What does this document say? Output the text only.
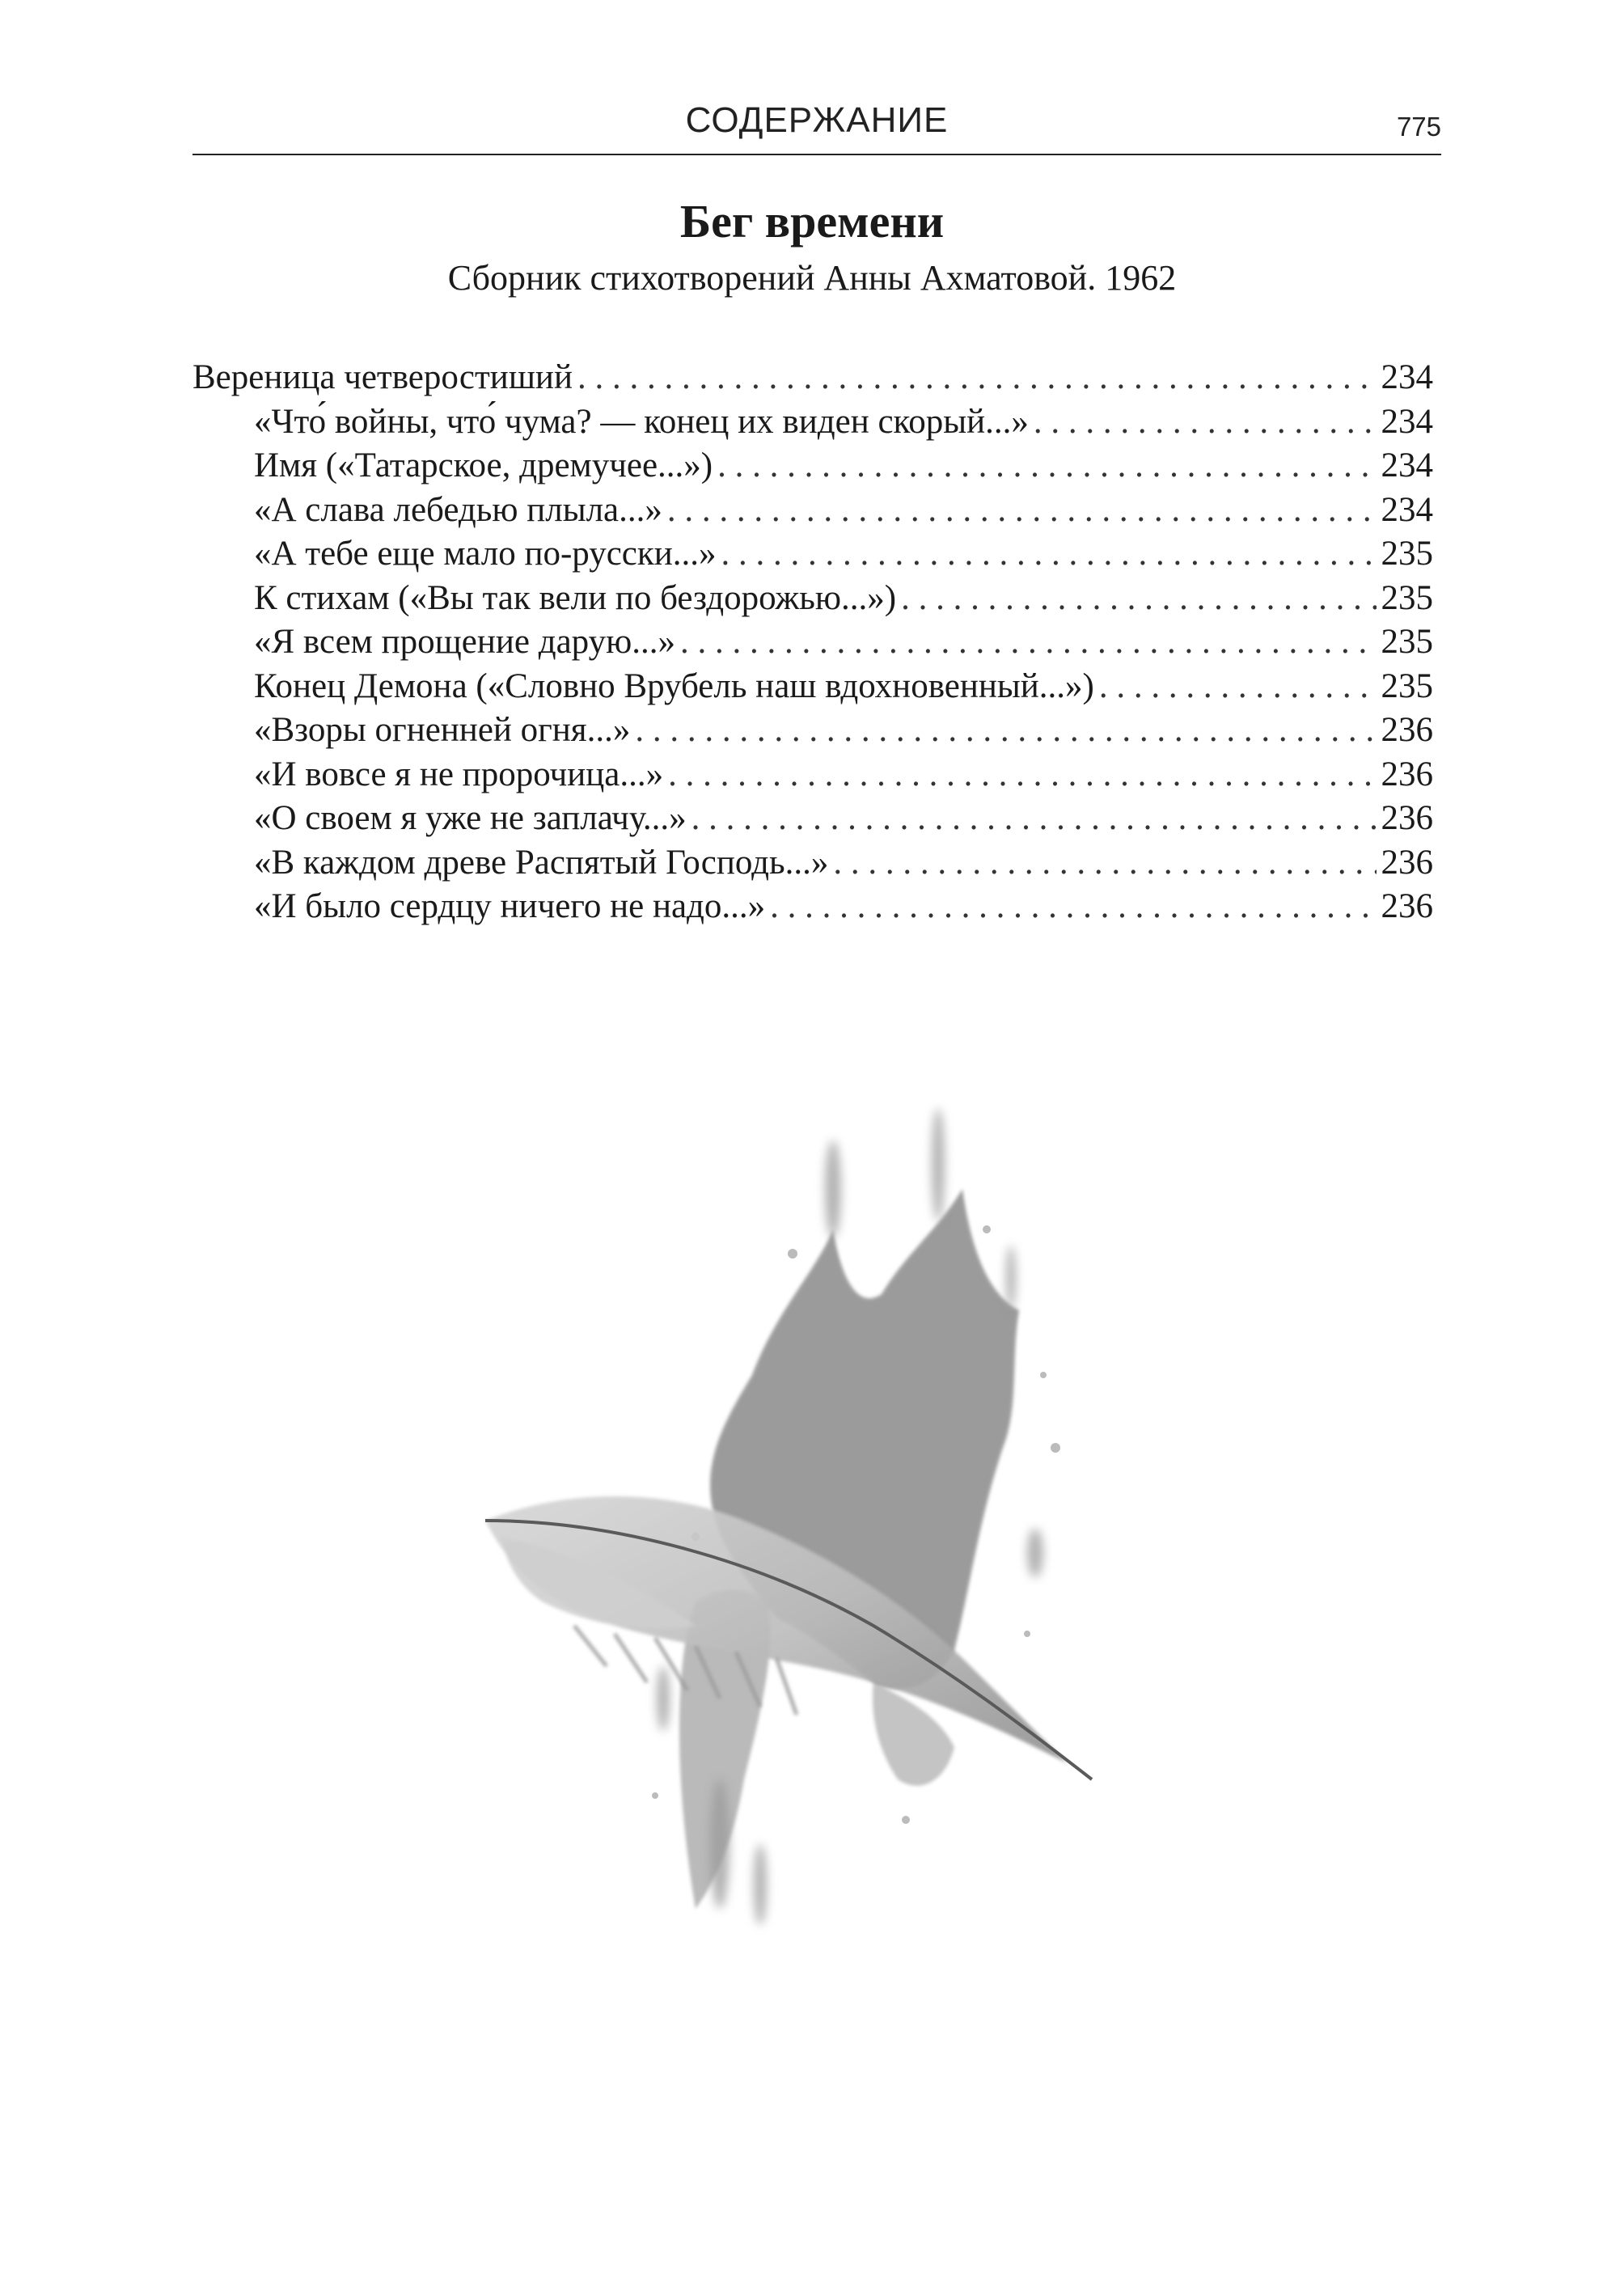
СОДЕРЖАНИЕ	775
Бег времени
Сборник стихотворений Анны Ахматовой. 1962
Вереница четверостиший . . .	234
«Что́ войны, что́ чума? — конец их виден скорый...» . . .	234
Имя («Татарское, дремучее...») . . .	234
«А слава лебедью плыла...» . . .	234
«А тебе еще мало по-русски...» . . .	235
К стихам («Вы так вели по бездорожью...») . . .	235
«Я всем прощение дарую...» . . .	235
Конец Демона («Словно Врубель наш вдохновенный...») . . .	235
«Взоры огненней огня...» . . .	236
«И вовсе я не пророчица...» . . .	236
«О своем я уже не заплачу...» . . .	236
«В каждом древе Распятый Господь...» . . .	236
«И было сердцу ничего не надо...» . . .	236
